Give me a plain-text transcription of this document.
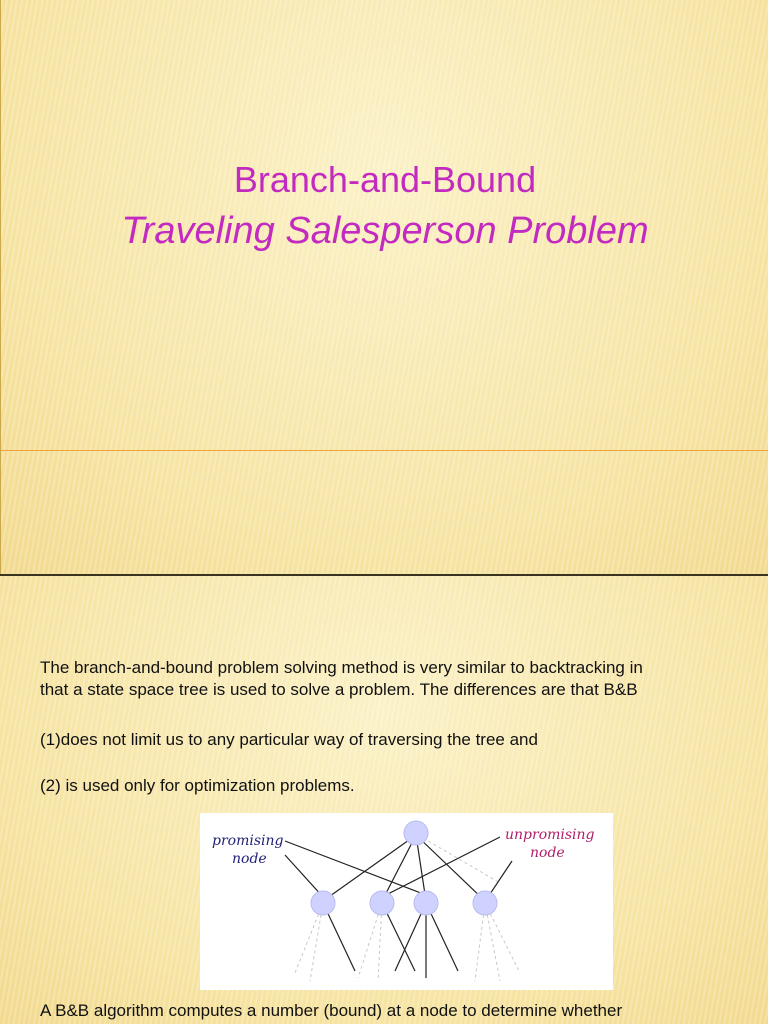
Branch-and-Bound
Traveling Salesperson Problem
The branch-and-bound problem solving method is very similar to backtracking in
that a state space tree is used to solve a problem. The differences are that B&B
(1)does not limit us to any particular way of traversing the tree and
(2) is used only for optimization problems.
promising
node
unpromising
node
A B&B algorithm computes a number (bound) at a node to determine whether
